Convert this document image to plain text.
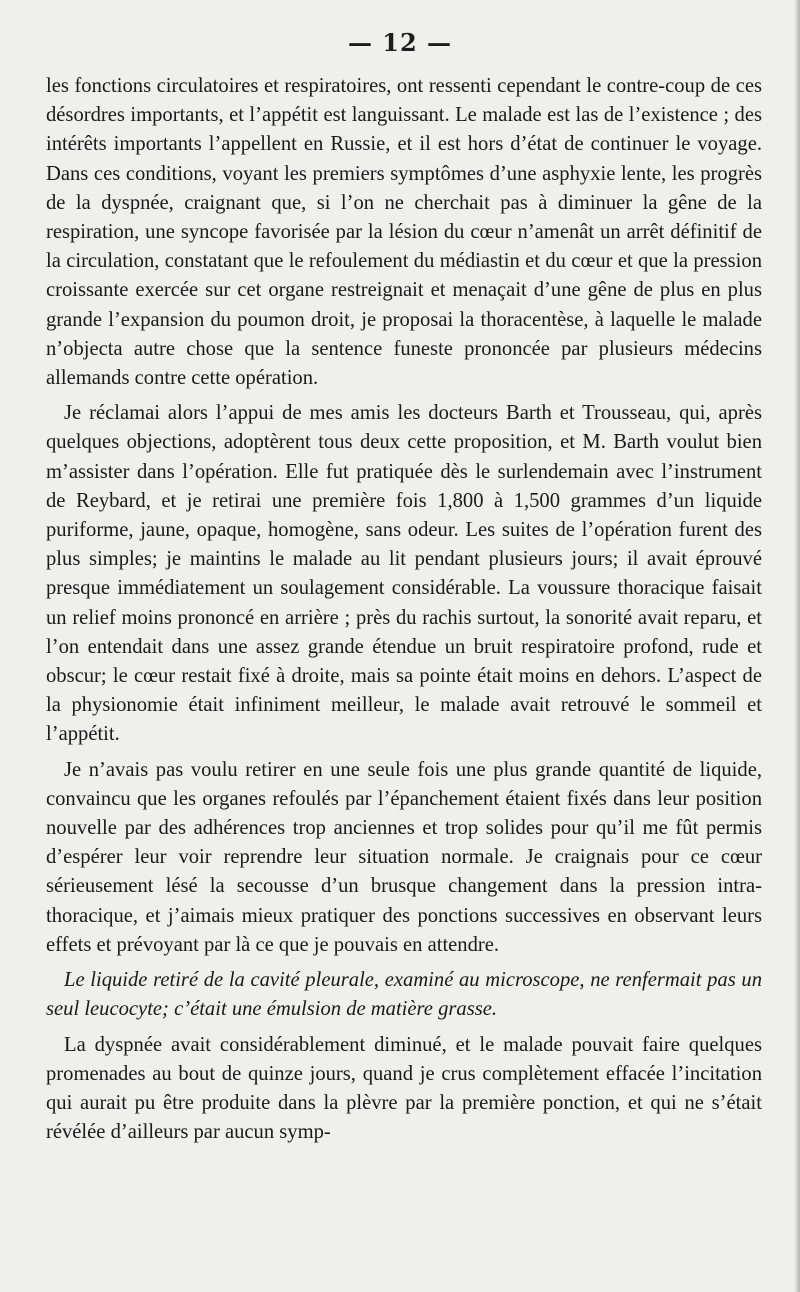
— 12 —

les fonctions circulatoires et respiratoires, ont ressenti cependant le contre-coup de ces désordres importants, et l’appétit est languissant. Le malade est las de l’existence ; des intérêts importants l’appellent en Russie, et il est hors d’état de continuer le voyage. Dans ces conditions, voyant les premiers symptômes d’une asphyxie lente, les progrès de la dyspnée, craignant que, si l’on ne cherchait pas à diminuer la gêne de la respiration, une syncope favorisée par la lésion du cœur n’amenât un arrêt définitif de la circulation, constatant que le refoulement du médiastin et du cœur et que la pression croissante exercée sur cet organe restreignait et menaçait d’une gêne de plus en plus grande l’expansion du poumon droit, je proposai la thoracentèse, à laquelle le malade n’objecta autre chose que la sentence funeste prononcée par plusieurs médecins allemands contre cette opération.

Je réclamai alors l’appui de mes amis les docteurs Barth et Trousseau, qui, après quelques objections, adoptèrent tous deux cette proposition, et M. Barth voulut bien m’assister dans l’opération. Elle fut pratiquée dès le surlendemain avec l’instrument de Reybard, et je retirai une première fois 1,800 à 1,500 grammes d’un liquide puriforme, jaune, opaque, homogène, sans odeur. Les suites de l’opération furent des plus simples; je maintins le malade au lit pendant plusieurs jours; il avait éprouvé presque immédiatement un soulagement considérable. La voussure thoracique faisait un relief moins prononcé en arrière ; près du rachis surtout, la sonorité avait reparu, et l’on entendait dans une assez grande étendue un bruit respiratoire profond, rude et obscur; le cœur restait fixé à droite, mais sa pointe était moins en dehors. L’aspect de la physionomie était infiniment meilleur, le malade avait retrouvé le sommeil et l’appétit.

Je n’avais pas voulu retirer en une seule fois une plus grande quantité de liquide, convaincu que les organes refoulés par l’épanchement étaient fixés dans leur position nouvelle par des adhérences trop anciennes et trop solides pour qu’il me fût permis d’espérer leur voir reprendre leur situation normale. Je craignais pour ce cœur sérieusement lésé la secousse d’un brusque changement dans la pression intra-thoracique, et j’aimais mieux pratiquer des ponctions successives en observant leurs effets et prévoyant par là ce que je pouvais en attendre.

Le liquide retiré de la cavité pleurale, examiné au microscope, ne renfermait pas un seul leucocyte; c’était une émulsion de matière grasse.

La dyspnée avait considérablement diminué, et le malade pouvait faire quelques promenades au bout de quinze jours, quand je crus complètement effacée l’incitation qui aurait pu être produite dans la plèvre par la première ponction, et qui ne s’était révélée d’ailleurs par aucun symp-
